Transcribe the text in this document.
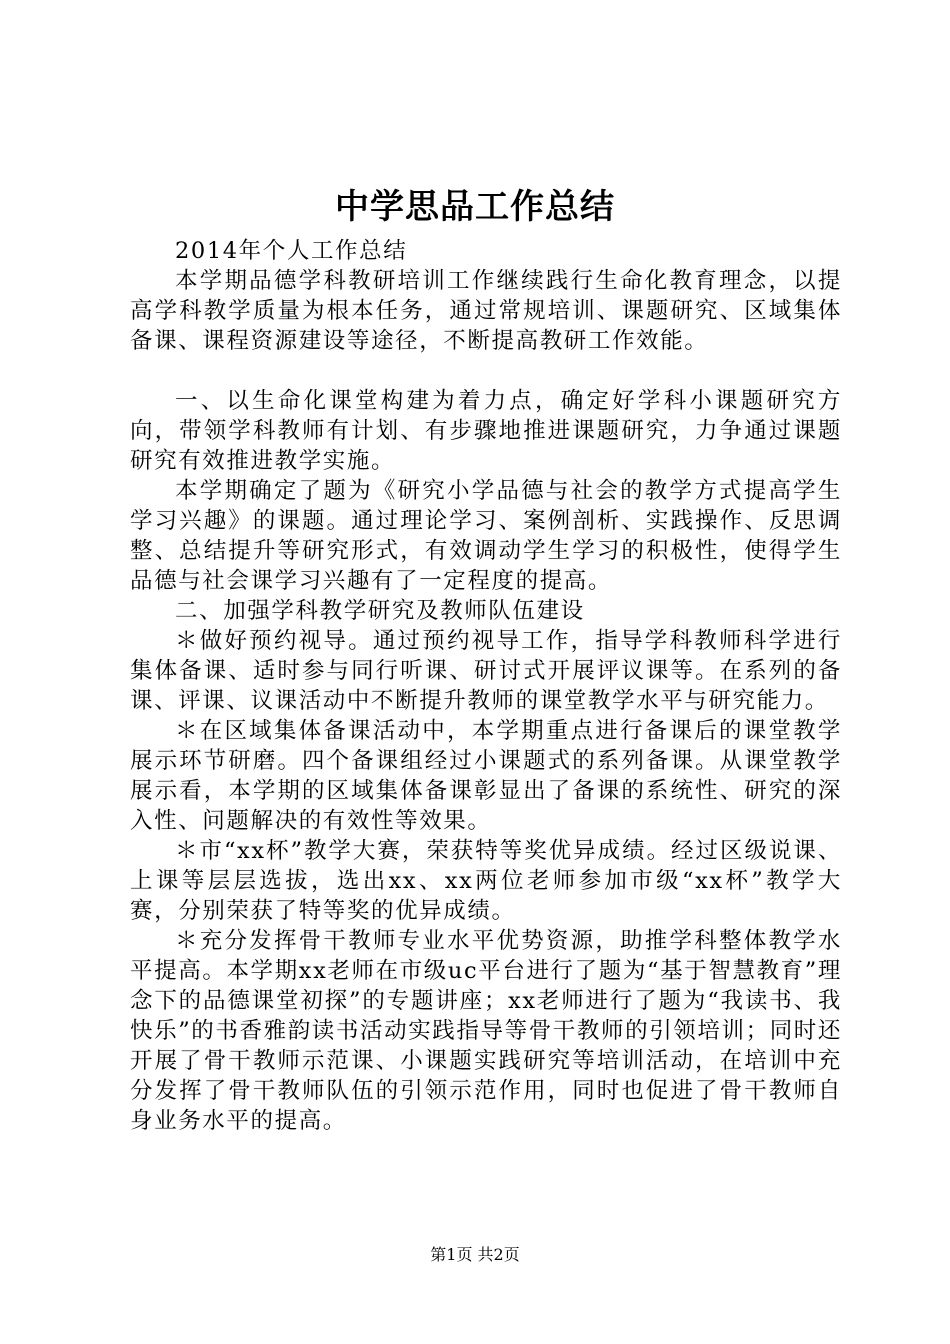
中学思品工作总结

2014年个人工作总结

本学期品德学科教研培训工作继续践行生命化教育理念，以提高学科教学质量为根本任务，通过常规培训、课题研究、区域集体备课、课程资源建设等途径，不断提高教研工作效能。

一、以生命化课堂构建为着力点，确定好学科小课题研究方向，带领学科教师有计划、有步骤地推进课题研究，力争通过课题研究有效推进教学实施。

本学期确定了题为《研究小学品德与社会的教学方式提高学生学习兴趣》的课题。通过理论学习、案例剖析、实践操作、反思调整、总结提升等研究形式，有效调动学生学习的积极性，使得学生品德与社会课学习兴趣有了一定程度的提高。

二、加强学科教学研究及教师队伍建设

＊做好预约视导。通过预约视导工作，指导学科教师科学进行集体备课、适时参与同行听课、研讨式开展评议课等。在系列的备课、评课、议课活动中不断提升教师的课堂教学水平与研究能力。

＊在区域集体备课活动中，本学期重点进行备课后的课堂教学展示环节研磨。四个备课组经过小课题式的系列备课。从课堂教学展示看，本学期的区域集体备课彰显出了备课的系统性、研究的深入性、问题解决的有效性等效果。

＊市“xx杯”教学大赛，荣获特等奖优异成绩。经过区级说课、上课等层层选拔，选出xx、xx两位老师参加市级“xx杯”教学大赛，分别荣获了特等奖的优异成绩。

＊充分发挥骨干教师专业水平优势资源，助推学科整体教学水平提高。本学期xx老师在市级uc平台进行了题为“基于智慧教育”理念下的品德课堂初探”的专题讲座；xx老师进行了题为“我读书、我快乐”的书香雅韵读书活动实践指导等骨干教师的引领培训；同时还开展了骨干教师示范课、小课题实践研究等培训活动，在培训中充分发挥了骨干教师队伍的引领示范作用，同时也促进了骨干教师自身业务水平的提高。

第1页 共2页
